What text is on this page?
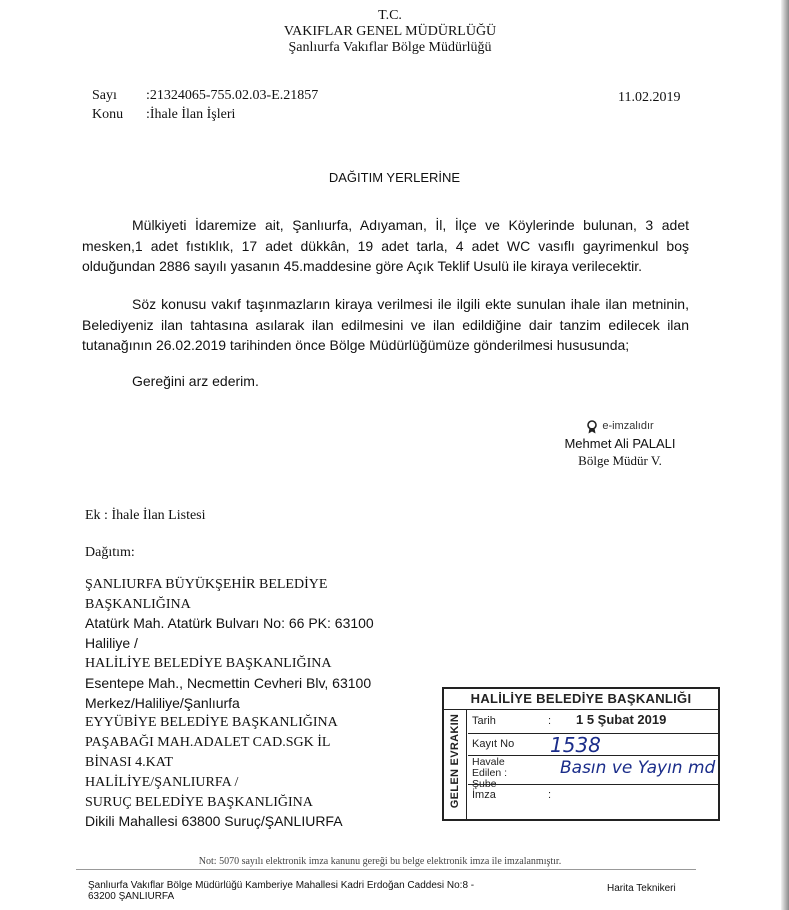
T.C.
VAKIFLAR GENEL MÜDÜRLÜĞÜ
Şanlıurfa Vakıflar Bölge Müdürlüğü
Sayı	:21324065-755.02.03-E.21857
Konu	:İhale İlan İşleri
11.02.2019
DAĞITIM YERLERİNE
Mülkiyeti İdaremize ait, Şanlıurfa, Adıyaman, İl, İlçe ve Köylerinde bulunan, 3 adet mesken,1 adet fıstıklık, 17 adet dükkân, 19 adet tarla, 4 adet WC vasıflı gayrimenkul boş olduğundan 2886 sayılı yasanın 45.maddesine göre Açık Teklif Usulü ile kiraya verilecektir.
Söz konusu vakıf taşınmazların kiraya verilmesi ile ilgili ekte sunulan ihale ilan metninin, Belediyeniz ilan tahtasına asılarak ilan edilmesini ve ilan edildiğine dair tanzim edilecek ilan tutanağının 26.02.2019 tarihinden önce Bölge Müdürlüğümüze gönderilmesi hususunda;
Gereğini arz ederim.
e-imzalıdır
Mehmet Ali PALALI
Bölge Müdür V.
Ek : İhale İlan Listesi
Dağıtım:
ŞANLIURFA BÜYÜKŞEHİR BELEDİYE
BAŞKANLIĞINA
Atatürk Mah. Atatürk Bulvarı No: 66 PK: 63100
Haliliye /
HALİLİYE BELEDİYE BAŞKANLIĞINA
Esentepe Mah., Necmettin Cevheri Blv, 63100
Merkez/Haliliye/Şanlıurfa
EYYÜBİYE BELEDİYE BAŞKANLIĞINA
PAŞABAĞI MAH.ADALET CAD.SGK İL
BİNASI 4.KAT
HALİLİYE/ŞANLIURFA /
SURUÇ BELEDİYE BAŞKANLIĞINA
Dikili Mahallesi 63800 Suruç/ŞANLIURFA
HALİLİYE BELEDİYE BAŞKANLIĞI
GELEN EVRAKIN Tarih	: 1 5 Şubat 2019
Kayıt No 1538
Havale Edilen : Şube
Basın ve Yayın md
İmza	:
Not: 5070 sayılı elektronik imza kanunu gereği bu belge elektronik imza ile imzalanmıştır.
Şanlıurfa Vakıflar Bölge Müdürlüğü Kamberiye Mahallesi Kadri Erdoğan Caddesi No:8 -
63200 ŞANLIURFA
Harita Teknikeri
